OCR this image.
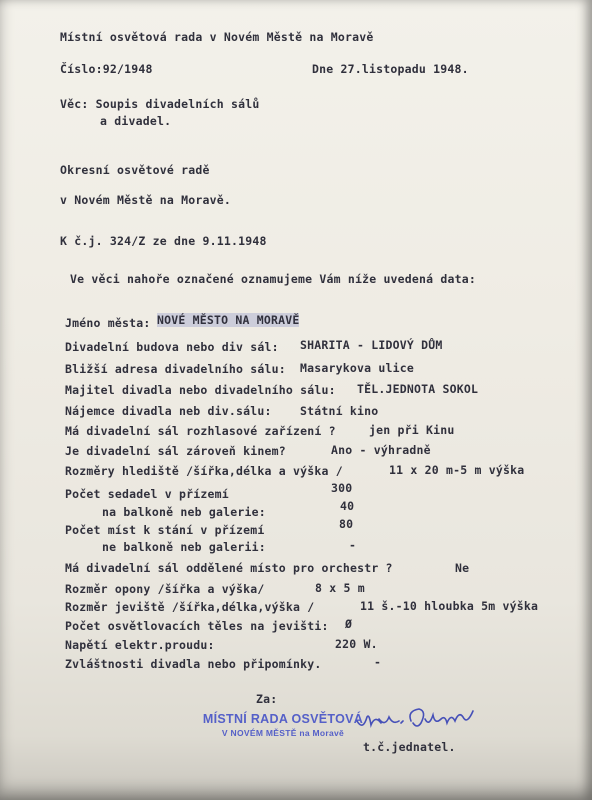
Místní osvětová rada v Novém Městě na Moravě
Číslo:92/1948	Dne 27.listopadu 1948.
Věc: Soupis divadelních sálů
a divadel.
Okresní osvětové radě
v Novém Městě na Moravě.
K č.j. 324/Z ze dne 9.11.1948
Ve věci nahoře označené oznamujeme Vám níže uvedená data:
Jméno města: NOVÉ MĚSTO NA MORAVĚ
Divadelní budova nebo div sál: SHARITA - LIDOVÝ DŮM
Bližší adresa divadelního sálu: Masarykova ulice
Majitel divadla nebo divadelního sálu: TĚL.JEDNOTA SOKOL
Nájemce divadla neb div.sálu: Státní kino
Má divadelní sál rozhlasové zařízení ?	jen při Kinu
Je divadelní sál zároveň kinem?	Ano - výhradně
Rozměry hlediště /šířka,délka a výška /	11 x 20 m-5 m výška
Počet sedadel v přízemí	300
na balkoně neb galerie:	40
Počet míst k stání v přízemí	80
ne balkoně neb galerii:	-
Má divadelní sál oddělené místo pro orchestr ?	Ne
Rozměr opony /šířka a výška/	8 x 5 m
Rozměr jeviště /šířka,délka,výška /	11 š.-10 hloubka 5m výška
Počet osvětlovacích těles na jevišti: Ø
Napětí elektr.proudu:	220 W.
Zvláštnosti divadla nebo připomínky.	-
Za:
MÍSTNÍ RADA OSVĚTOVÁ
V NOVÉM MĚSTĚ na Moravě
t.č.jednatel.
